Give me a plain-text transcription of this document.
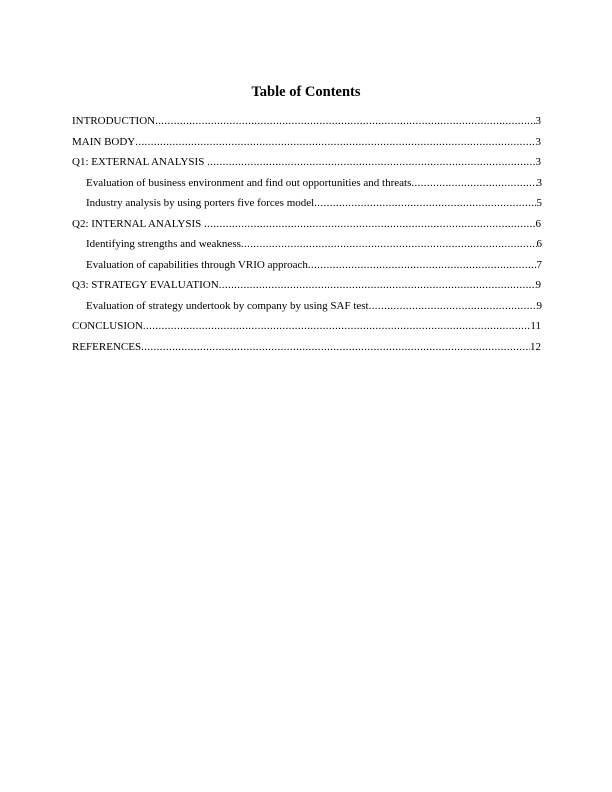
Table of Contents
INTRODUCTION .....	3
MAIN BODY .....	3
Q1: EXTERNAL ANALYSIS .....	3
Evaluation of business environment and find out opportunities and threats .....	3
Industry analysis by using porters five forces model .....	5
Q2: INTERNAL ANALYSIS .....	6
Identifying strengths and weakness .....	6
Evaluation of capabilities through VRIO approach .....	7
Q3: STRATEGY EVALUATION .....	9
Evaluation of strategy undertook by company by using SAF test .....	9
CONCLUSION .....	11
REFERENCES .....	12
